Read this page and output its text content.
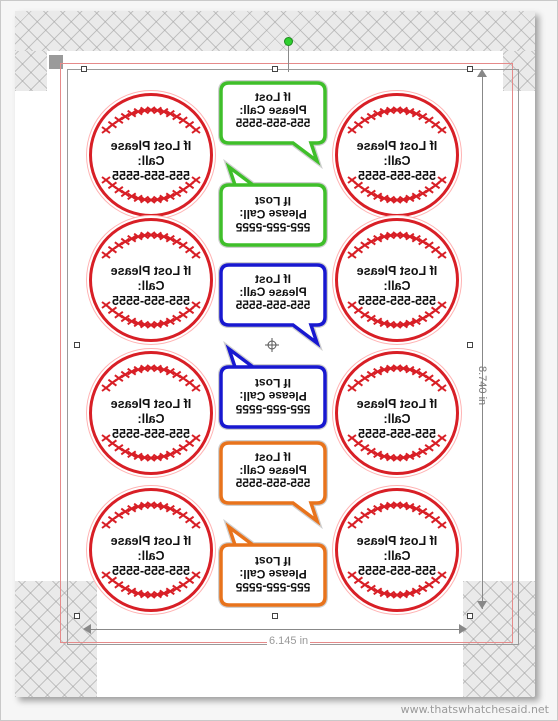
8.740 in
6.145 in
If Lost Please Call:
555-555-5555
If Lost Please Call:
555-555-5555
If Lost Please Call:
555-555-5555
If Lost Please Call:
555-555-5555
If Lost Please Call:
555-555-5555
If Lost Please Call:
555-555-5555
If Lost Please Call:
555-555-5555
If Lost Please Call:
555-555-5555
If Lost
Please Call:
555-555-5555
555-555-5555
Please Call:
If Lost
If Lost
Please Call:
555-555-5555
555-555-5555
Please Call:
If Lost
If Lost
Please Call:
555-555-5555
555-555-5555
Please Call:
If Lost
www.thatswhatchesaid.net
